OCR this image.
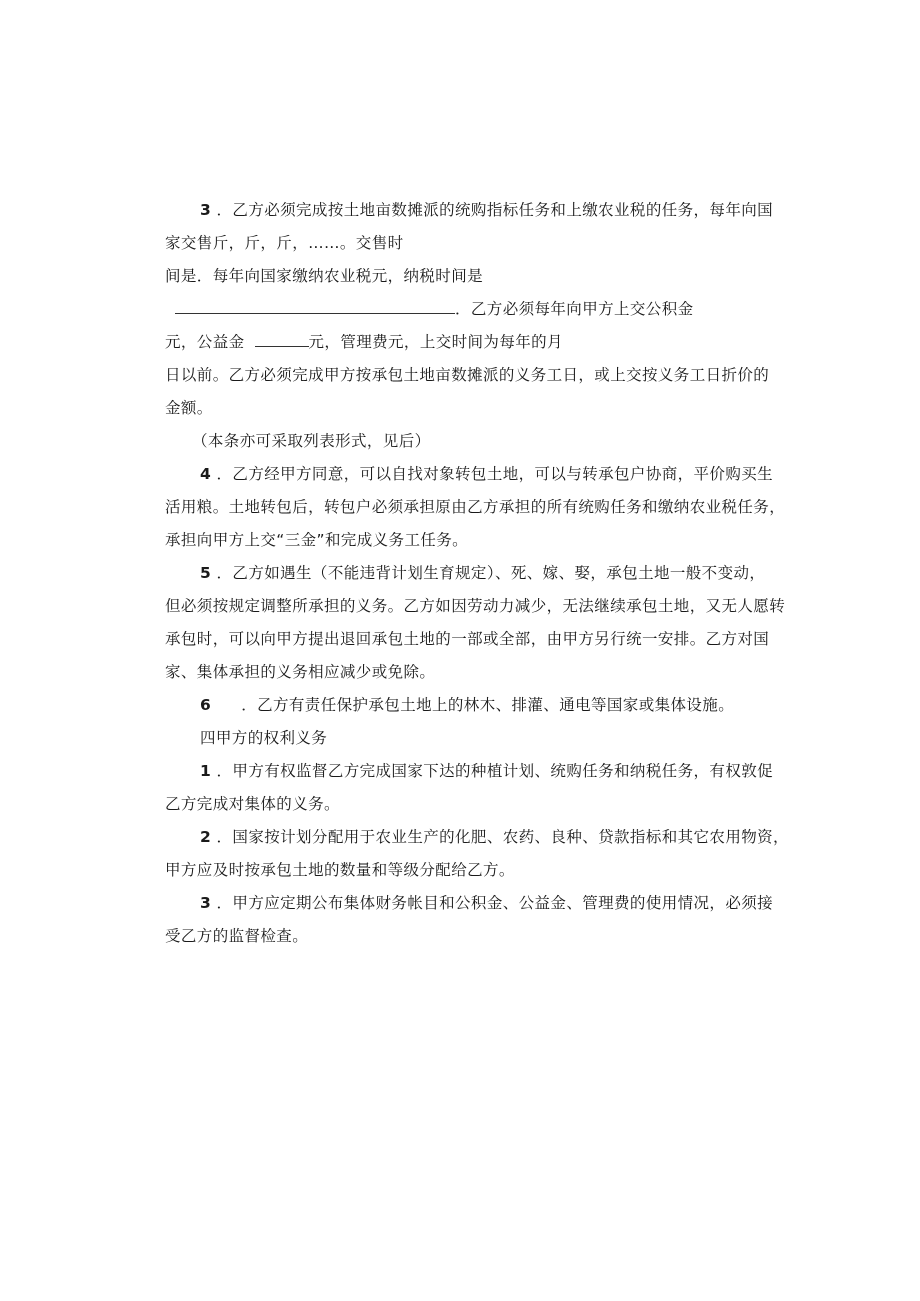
3 ．乙方必须完成按土地亩数摊派的统购指标任务和上缴农业税的任务，每年向国
家交售斤，斤，斤，……。交售时
间是．每年向国家缴纳农业税元，纳税时间是
．乙方必须每年向甲方上交公积金
元，公益金	元，管理费元，上交时间为每年的月
日以前。乙方必须完成甲方按承包土地亩数摊派的义务工日，或上交按义务工日折价的
金额。
（本条亦可采取列表形式，见后）
4 ．乙方经甲方同意，可以自找对象转包土地，可以与转承包户协商，平价购买生
活用粮。土地转包后，转包户必须承担原由乙方承担的所有统购任务和缴纳农业税任务，
承担向甲方上交“三金”和完成义务工任务。
5 ．乙方如遇生（不能违背计划生育规定）、死、嫁、娶，承包土地一般不变动，
但必须按规定调整所承担的义务。乙方如因劳动力减少，无法继续承包土地，又无人愿转
承包时，可以向甲方提出退回承包土地的一部或全部，由甲方另行统一安排。乙方对国
家、集体承担的义务相应减少或免除。
6 ．乙方有责任保护承包土地上的林木、排灌、通电等国家或集体设施。
四甲方的权利义务
1 ．甲方有权监督乙方完成国家下达的种植计划、统购任务和纳税任务，有权敦促
乙方完成对集体的义务。
2 ．国家按计划分配用于农业生产的化肥、农药、良种、贷款指标和其它农用物资，
甲方应及时按承包土地的数量和等级分配给乙方。
3 ．甲方应定期公布集体财务帐目和公积金、公益金、管理费的使用情况，必须接
受乙方的监督检查。
